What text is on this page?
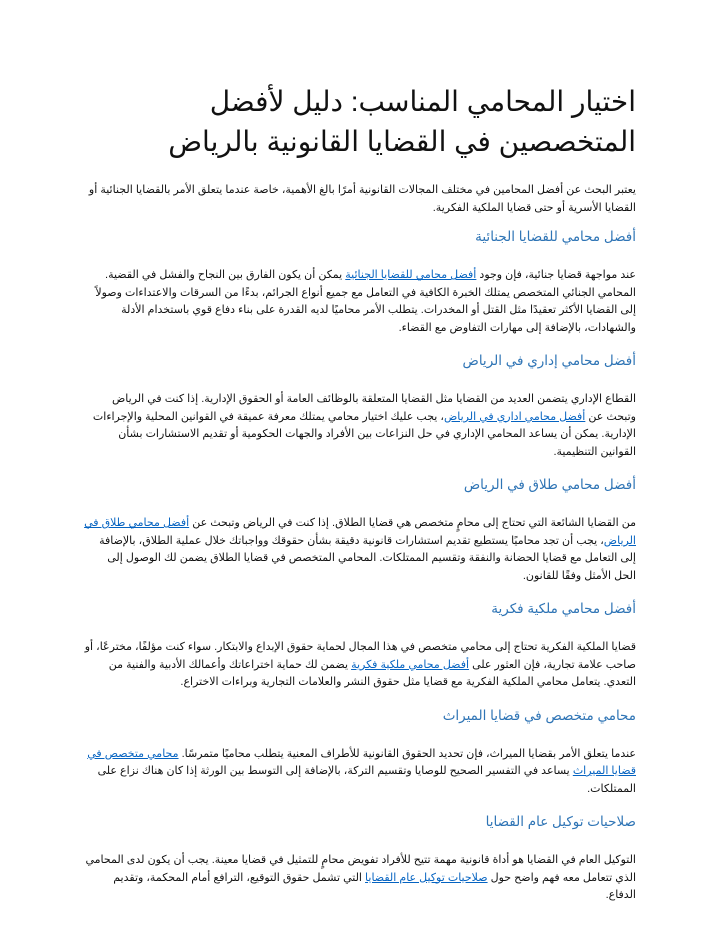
اختيار المحامي المناسب: دليل لأفضل المتخصصين في القضايا القانونية بالرياض

يعتبر البحث عن أفضل المحامين في مختلف المجالات القانونية أمرًا بالغ الأهمية، خاصة عندما يتعلق الأمر بالقضايا الجنائية أو القضايا الأسرية أو حتى قضايا الملكية الفكرية.

أفضل محامي للقضايا الجنائية

عند مواجهة قضايا جنائية، فإن وجود أفضل محامي للقضايا الجنائية يمكن أن يكون الفارق بين النجاح والفشل في القضية. المحامي الجنائي المتخصص يمتلك الخبرة الكافية في التعامل مع جميع أنواع الجرائم، بدءًا من السرقات والاعتداءات وصولاً إلى القضايا الأكثر تعقيدًا مثل القتل أو المخدرات. يتطلب الأمر محاميًا لديه القدرة على بناء دفاع قوي باستخدام الأدلة والشهادات، بالإضافة إلى مهارات التفاوض مع القضاء.

أفضل محامي إداري في الرياض

القطاع الإداري يتضمن العديد من القضايا مثل القضايا المتعلقة بالوظائف العامة أو الحقوق الإدارية. إذا كنت في الرياض وتبحث عن أفضل محامي اداري في الرياض، يجب عليك اختيار محامي يمتلك معرفة عميقة في القوانين المحلية والإجراءات الإدارية. يمكن أن يساعد المحامي الإداري في حل النزاعات بين الأفراد والجهات الحكومية أو تقديم الاستشارات بشأن القوانين التنظيمية.

أفضل محامي طلاق في الرياض

من القضايا الشائعة التي تحتاج إلى محامٍ متخصص هي قضايا الطلاق. إذا كنت في الرياض وتبحث عن أفضل محامي طلاق في الرياض، يجب أن تجد محاميًا يستطيع تقديم استشارات قانونية دقيقة بشأن حقوقك وواجباتك خلال عملية الطلاق، بالإضافة إلى التعامل مع قضايا الحضانة والنفقة وتقسيم الممتلكات. المحامي المتخصص في قضايا الطلاق يضمن لك الوصول إلى الحل الأمثل وفقًا للقانون.

أفضل محامي ملكية فكرية

قضايا الملكية الفكرية تحتاج إلى محامي متخصص في هذا المجال لحماية حقوق الإبداع والابتكار. سواء كنت مؤلفًا، مخترعًا، أو صاحب علامة تجارية، فإن العثور على أفضل محامي ملكية فكرية يضمن لك حماية اختراعاتك وأعمالك الأدبية والفنية من التعدي. يتعامل محامي الملكية الفكرية مع قضايا مثل حقوق النشر والعلامات التجارية وبراءات الاختراع.

محامي متخصص في قضايا الميراث

عندما يتعلق الأمر بقضايا الميراث، فإن تحديد الحقوق القانونية للأطراف المعنية يتطلب محاميًا متمرسًا. محامي متخصص في قضايا الميراث يساعد في التفسير الصحيح للوصايا وتقسيم التركة، بالإضافة إلى التوسط بين الورثة إذا كان هناك نزاع على الممتلكات.

صلاحيات توكيل عام القضايا

التوكيل العام في القضايا هو أداة قانونية مهمة تتيح للأفراد تفويض محامٍ للتمثيل في قضايا معينة. يجب أن يكون لدى المحامي الذي تتعامل معه فهم واضح حول صلاحيات توكيل عام القضايا التي تشمل حقوق التوقيع، الترافع أمام المحكمة، وتقديم الدفاع.
